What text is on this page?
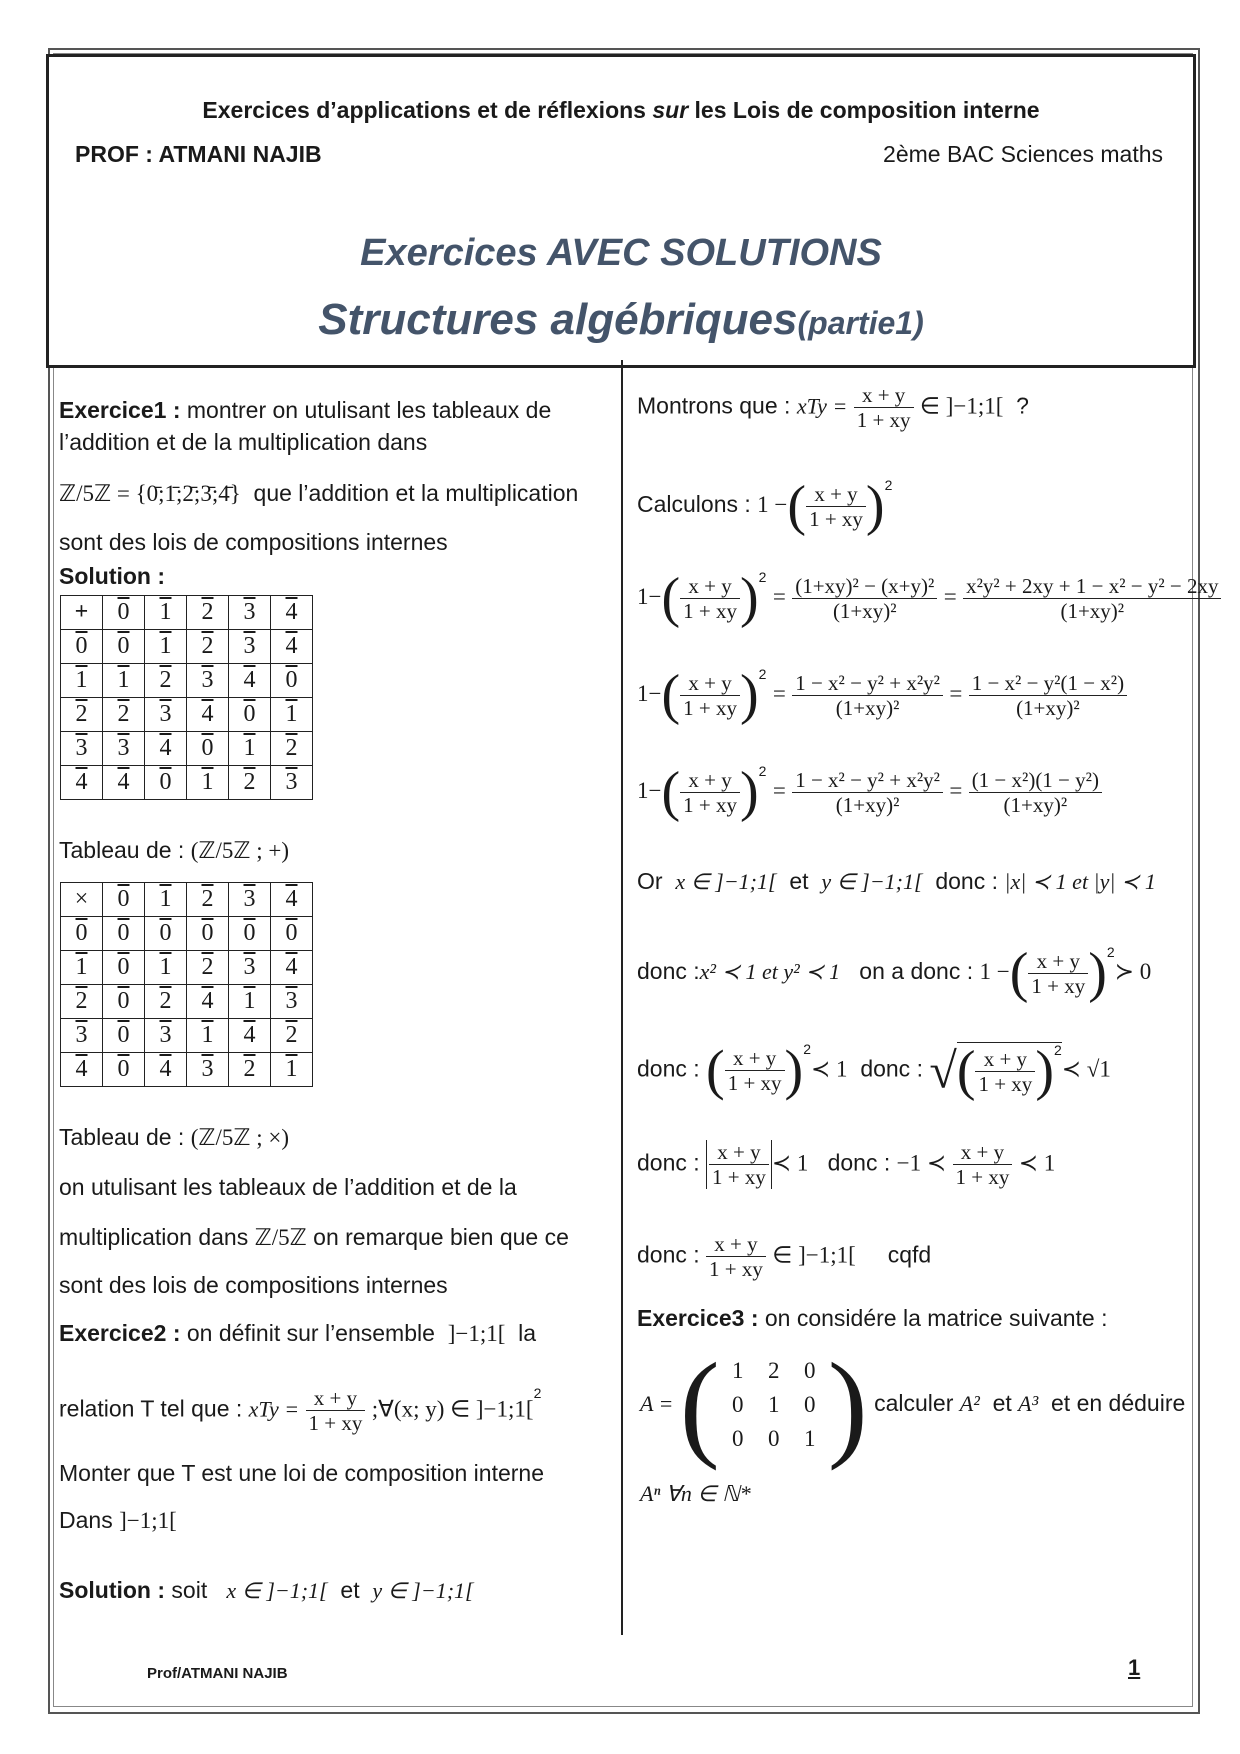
Exercices d’applications et de réflexions sur les Lois de composition interne
PROF : ATMANI NAJIB	2ème BAC Sciences maths
Exercices AVEC SOLUTIONS
Structures algébriques(partie1)
Exercice1 : montrer on utulisant les tableaux de
l’addition et de la multiplication dans
ℤ/5ℤ = {0̄;1̄;2̄;3̄;4̄} que l’addition et la multiplication
sont des lois de compositions internes
Solution :
+	0	1	2	3	4
0	0	1	2	3	4
1	1	2	3	4	0
2	2	3	4	0	1
3	3	4	0	1	2
4	4	0	1	2	3
Tableau de : (ℤ/5ℤ ; +)
×	0	1	2	3	4
0	0	0	0	0	0
1	0	1	2	3	4
2	0	2	4	1	3
3	0	3	1	4	2
4	0	4	3	2	1
Tableau de : (ℤ/5ℤ ; ×)
on utulisant les tableaux de l’addition et de la
multiplication dans ℤ/5ℤ on remarque bien que ce
sont des lois de compositions internes
Exercice2 : on définit sur l’ensemble ]−1;1[ la
relation T tel que : xTy = $\frac{x + y}{1 + xy}$ ;∀(x; y) ∈ ]−1;1[$^2$
Monter que T est une loi de composition interne
Dans ]−1;1[
Solution : soit x ∈ ]−1;1[ et y ∈ ]−1;1[
Montrons que : xTy = $\frac{x + y}{1 + xy}$ ∈ ]−1;1[ ?
Calculons : 1 −( $\frac{x + y}{1 + xy} )^2$
$1-( \frac{x + y}{1 + xy} )^2 = \frac{\text{(1+xy)² − (x+y)²}}{\text{(1+xy)²}} = \frac{\text{x²y² + 2xy + 1 − x² − y² − 2xy}}{\text{(1+xy)²}}$
$1-( \frac{x + y}{1 + xy} )^2 = \frac{\text{1 − x² − y² + x²y²}}{\text{(1+xy)²}} = \frac{\text{1 − x² − y²(1 − x²)}}{\text{(1+xy)²}}$
$1-( \frac{x + y}{1 + xy} )^2 = \frac{\text{1 − x² − y² + x²y²}}{\text{(1+xy)²}} = \frac{\text{(1 − x²)(1 − y²)}}{\text{(1+xy)²}}$
Or x ∈ ]−1;1[ et y ∈ ]−1;1[ donc : |x| ≺ 1 et |y| ≺ 1
donc :x² ≺ 1 et y² ≺ 1 on a donc : 1 −( $\frac{x + y}{1 + xy}$ )$^2$≻ 0
donc : ( $\frac{x + y}{1 + xy}$ )$^2$≺ 1 donc : √( $\frac{x + y}{1 + xy}$ )$^2$≺ √1
donc : $\frac{x + y}{1 + xy}$ ≺ 1 donc : −1 ≺ $\frac{x + y}{1 + xy}$ ≺ 1
donc : $\frac{x + y}{1 + xy}$ ∈ ]−1;1[ cqfd
Exercice3 : on considére la matrice suivante :
A = ( 1	2	0
0	1	0
0	0	1 ) calculer A² et A³ et en déduire
Aⁿ ∀n ∈ ℕ*
Prof/ATMANI NAJIB	1
